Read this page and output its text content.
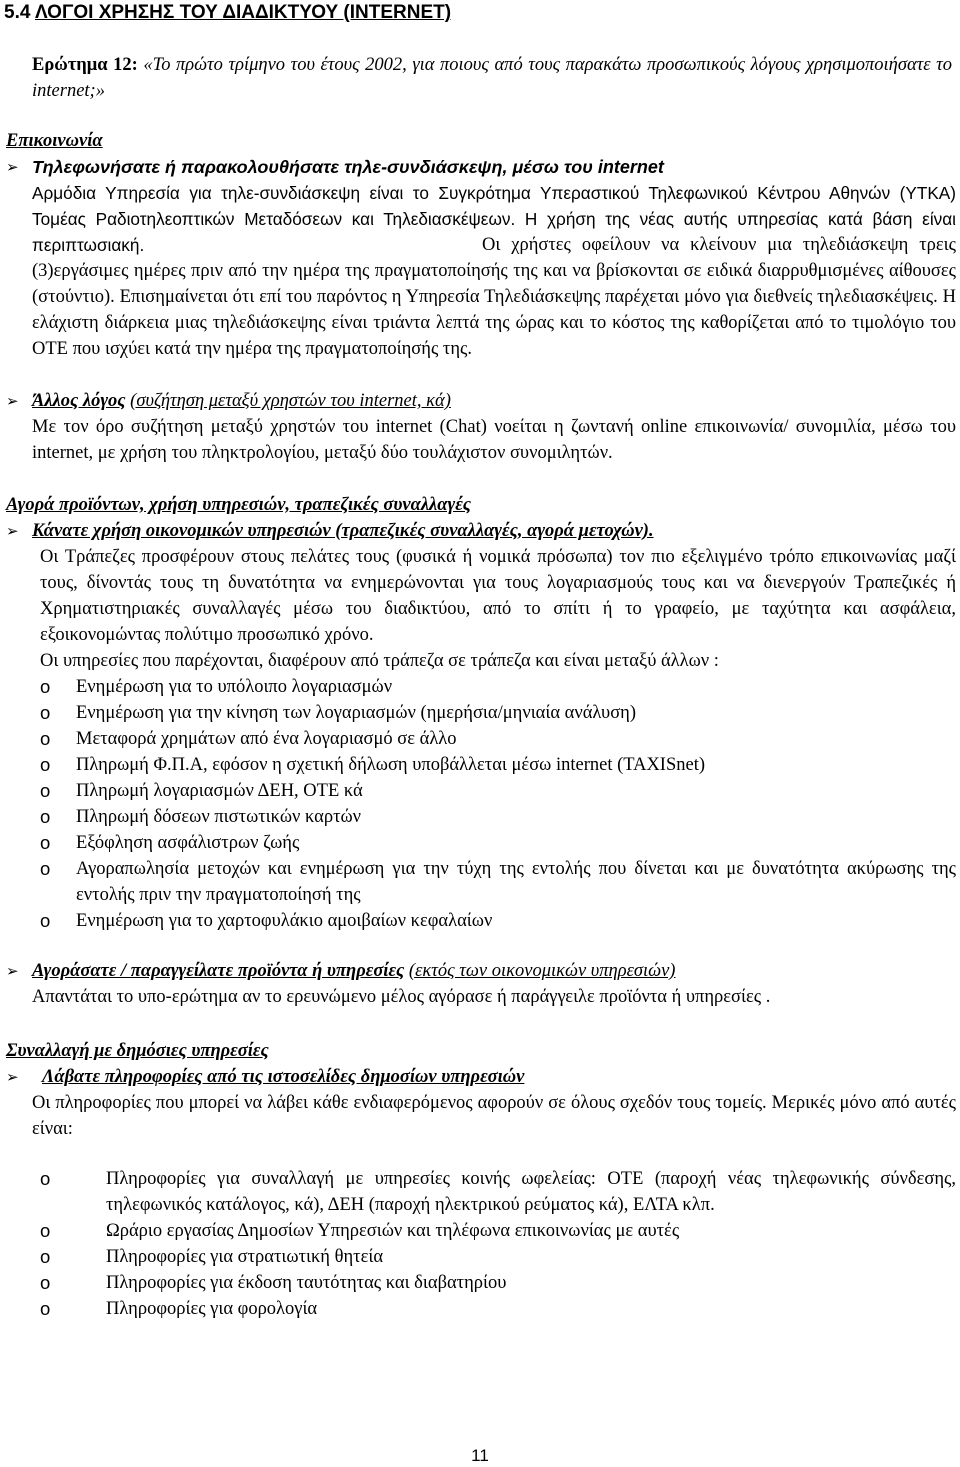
5.4 ΛΟΓΟΙ ΧΡΗΣΗΣ ΤΟΥ ΔΙΑΔΙΚΤΥΟΥ (INTERNET)

Ερώτημα 12: «Το πρώτο τρίμηνο του έτους 2002, για ποιους από τους παρακάτω προσωπικούς λόγους χρησιμοποιήσατε το internet;»

Επικοινωνία

➢ Τηλεφωνήσατε ή παρακολουθήσατε τηλε-συνδιάσκεψη, μέσω του internet

Αρμόδια Υπηρεσία για τηλε-συνδιάσκεψη είναι το Συγκρότημα Υπεραστικού Τηλεφωνικού Κέντρου Αθηνών (ΥΤΚΑ) Τομέας Ραδιοτηλεοπτικών Μεταδόσεων και Τηλεδιασκέψεων. Η χρήση της νέας αυτής υπηρεσίας κατά βάση είναι περιπτωσιακή.	Οι χρήστες οφείλουν να κλείνουν μια τηλεδιάσκεψη τρεις (3)εργάσιμες ημέρες πριν από την ημέρα της πραγματοποίησής της και να βρίσκονται σε ειδικά διαρρυθμισμένες αίθουσες (στούντιο). Επισημαίνεται ότι επί του παρόντος η Υπηρεσία Τηλεδιάσκεψης παρέχεται μόνο για διεθνείς τηλεδιασκέψεις. Η ελάχιστη διάρκεια μιας τηλεδιάσκεψης είναι τριάντα λεπτά της ώρας και το κόστος της καθορίζεται από το τιμολόγιο του ΟΤΕ που ισχύει κατά την ημέρα της πραγματοποίησής της.

➢ Άλλος λόγος (συζήτηση μεταξύ χρηστών του internet, κά)

Με τον όρο συζήτηση μεταξύ χρηστών του internet (Chat) νοείται η ζωντανή online επικοινωνία/ συνομιλία, μέσω του internet, με χρήση του πληκτρολογίου, μεταξύ δύο τουλάχιστον συνομιλητών.

Αγορά προϊόντων, χρήση υπηρεσιών, τραπεζικές συναλλαγές

➢ Κάνατε χρήση οικονομικών υπηρεσιών (τραπεζικές συναλλαγές, αγορά μετοχών).

Οι Τράπεζες προσφέρουν στους πελάτες τους (φυσικά ή νομικά πρόσωπα) τον πιο εξελιγμένο τρόπο επικοινωνίας μαζί τους, δίνοντάς τους τη δυνατότητα να ενημερώνονται για τους λογαριασμούς τους και να διενεργούν Τραπεζικές ή Χρηματιστηριακές συναλλαγές μέσω του διαδικτύου, από το σπίτι ή το γραφείο, με ταχύτητα και ασφάλεια, εξοικονομώντας πολύτιμο προσωπικό χρόνο.

Οι υπηρεσίες που παρέχονται, διαφέρουν από τράπεζα σε τράπεζα και είναι μεταξύ άλλων :

o	Ενημέρωση για το υπόλοιπο λογαριασμών
o	Ενημέρωση για την κίνηση των λογαριασμών (ημερήσια/μηνιαία ανάλυση)
o	Μεταφορά χρημάτων από ένα λογαριασμό σε άλλο
o	Πληρωμή Φ.Π.Α, εφόσον η σχετική δήλωση υποβάλλεται μέσω internet (TAXISnet)
o	Πληρωμή λογαριασμών ΔΕΗ, ΟΤΕ κά
o	Πληρωμή δόσεων πιστωτικών καρτών
o	Εξόφληση ασφάλιστρων ζωής
o	Αγοραπωλησία μετοχών και ενημέρωση για την τύχη της εντολής που δίνεται και με δυνατότητα ακύρωσης της εντολής πριν την πραγματοποίησή της
o	Ενημέρωση για το χαρτοφυλάκιο αμοιβαίων κεφαλαίων
➢ Αγοράσατε / παραγγείλατε προϊόντα ή υπηρεσίες (εκτός των οικονομικών υπηρεσιών)

Απαντάται το υπο-ερώτημα αν το ερευνώμενο μέλος αγόρασε ή παράγγειλε προϊόντα ή υπηρεσίες .

Συναλλαγή με δημόσιες υπηρεσίες

➢	Λάβατε πληροφορίες από τις ιστοσελίδες δημοσίων υπηρεσιών

Οι πληροφορίες που μπορεί να λάβει κάθε ενδιαφερόμενος αφορούν σε όλους σχεδόν τους τομείς. Μερικές μόνο από αυτές είναι:

o	Πληροφορίες για συναλλαγή με υπηρεσίες κοινής ωφελείας: ΟΤΕ (παροχή νέας τηλεφωνικής σύνδεσης, τηλεφωνικός κατάλογος, κά), ΔΕΗ (παροχή ηλεκτρικού ρεύματος κά), ΕΛΤΑ κλπ.
o	Ωράριο εργασίας Δημοσίων Υπηρεσιών και τηλέφωνα επικοινωνίας με αυτές
o	Πληροφορίες για στρατιωτική θητεία
o	Πληροφορίες για έκδοση ταυτότητας και διαβατηρίου
o	Πληροφορίες για φορολογία
11
